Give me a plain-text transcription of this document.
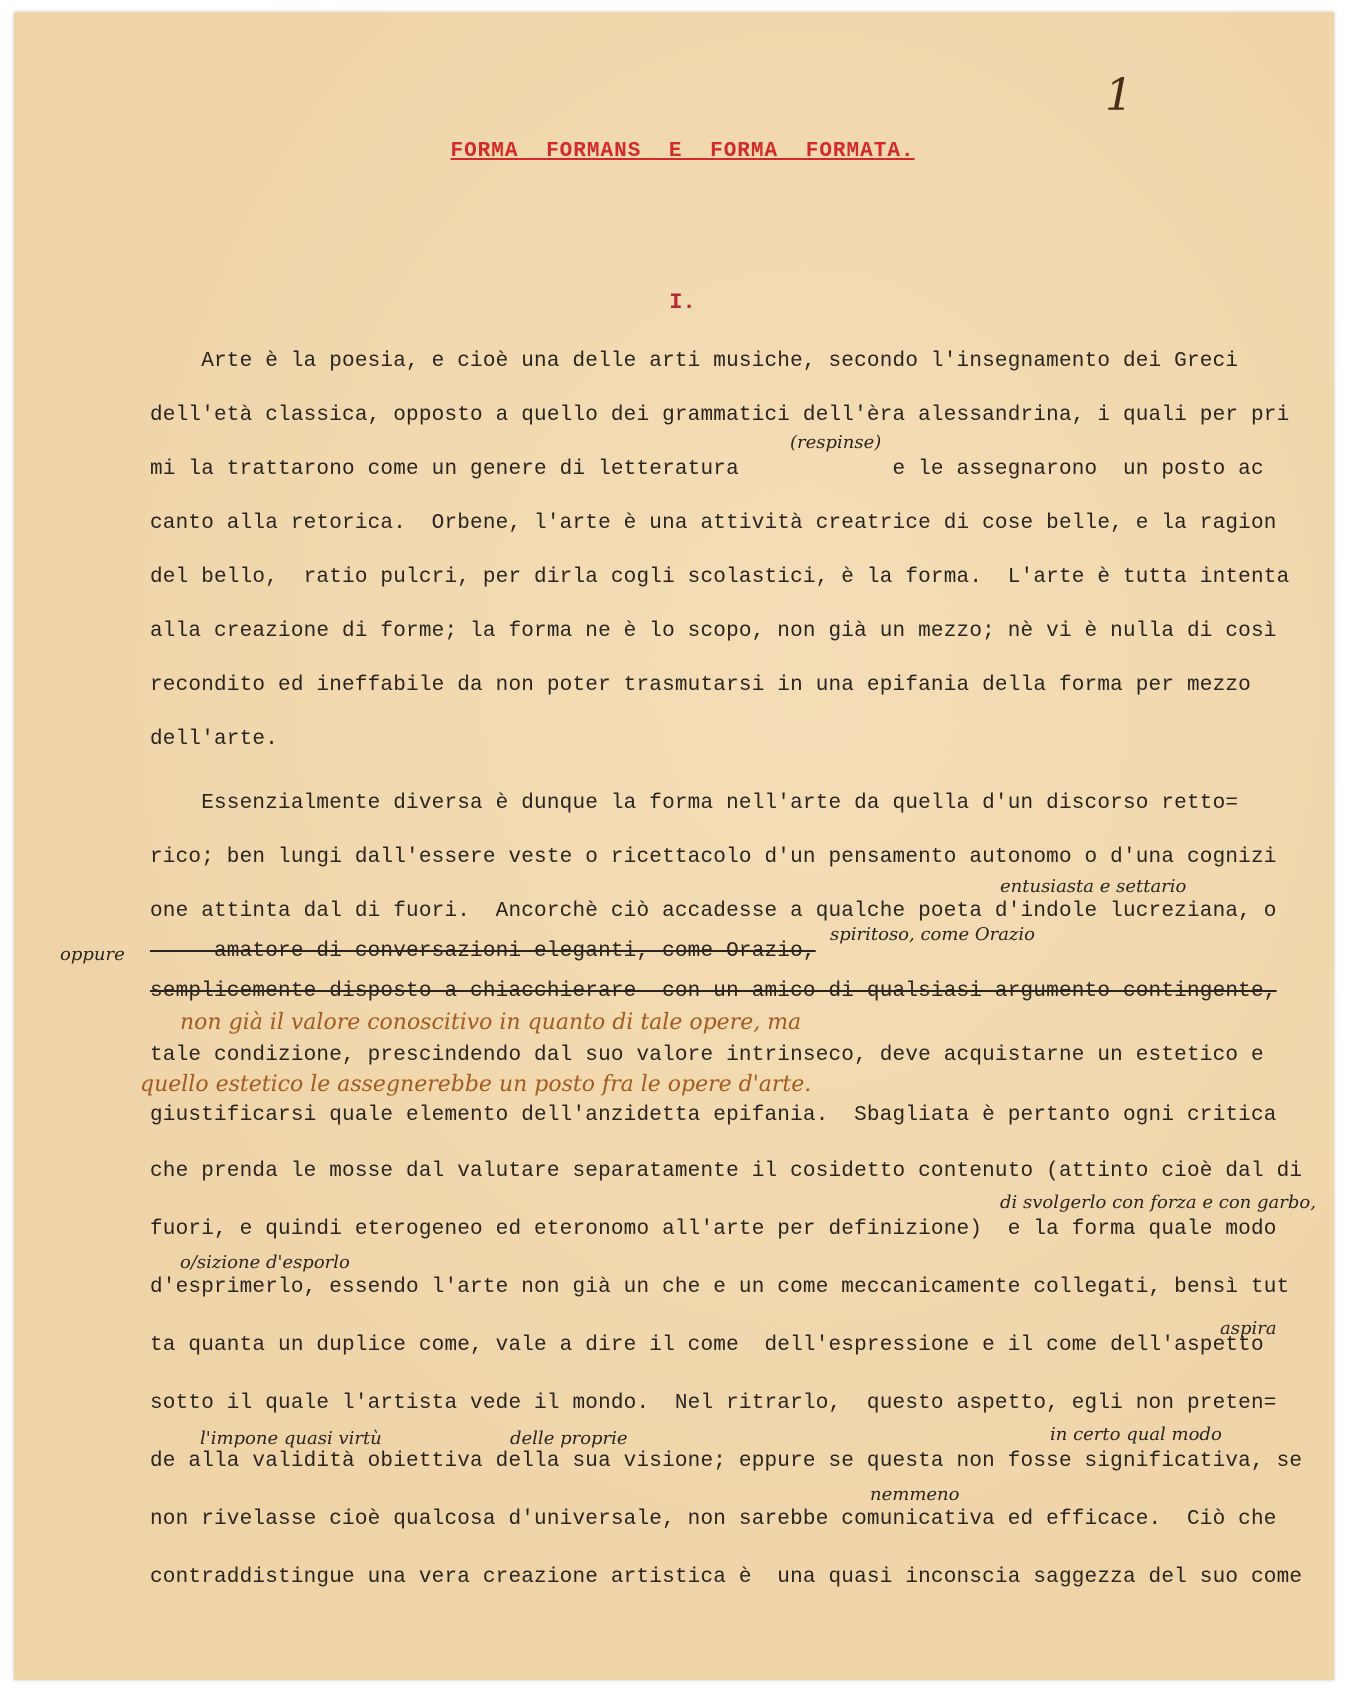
1
FORMA FORMANS E FORMA FORMATA.
I.
Arte è la poesia, e cioè una delle arti musiche, secondo l'insegnamento dei Greci
dell'età classica, opposto a quello dei grammatici dell'èra alessandrina, i quali per pri
mi la trattarono come un genere di letteratura            e le assegnarono  un posto ac
canto alla retorica.  Orbene, l'arte è una attività creatrice di cose belle, e la ragion
del bello,  ratio pulcri, per dirla cogli scolastici, è la forma.  L'arte è tutta intenta
alla creazione di forme; la forma ne è lo scopo, non già un mezzo; nè vi è nulla di così
recondito ed ineffabile da non poter trasmutarsi in una epifania della forma per mezzo
dell'arte.
Essenzialmente diversa è dunque la forma nell'arte da quella d'un discorso retto=
rico; ben lungi dall'essere veste o ricettacolo d'un pensamento autonomo o d'una cognizi
one attinta dal di fuori.  Ancorchè ciò accadesse a qualche poeta d'indole lucreziana, o
amatore di conversazioni eleganti, come Orazio,
semplicemente disposto a chiacchierare  con un amico di qualsiasi argumento contingente,
tale condizione, prescindendo dal suo valore intrinseco, deve acquistarne un estetico e
giustificarsi quale elemento dell'anzidetta epifania.  Sbagliata è pertanto ogni critica
che prenda le mosse dal valutare separatamente il cosidetto contenuto (attinto cioè dal di
fuori, e quindi eterogeneo ed eteronomo all'arte per definizione)  e la forma quale modo
d'esprimerlo, essendo l'arte non già un che e un come meccanicamente collegati, bensì tut
ta quanta un duplice come, vale a dire il come  dell'espressione e il come dell'aspetto
sotto il quale l'artista vede il mondo.  Nel ritrarlo,  questo aspetto, egli non preten=
de alla validità obiettiva della sua visione; eppure se questa non fosse significativa, se
non rivelasse cioè qualcosa d'universale, non sarebbe comunicativa ed efficace.  Ciò che
contraddistingue una vera creazione artistica è  una quasi inconscia saggezza del suo come
(respinse)
entusiasta e settario
oppure
spiritoso, come Orazio
non già il valore conoscitivo in quanto di tale opere, ma
quello estetico le assegnerebbe un posto fra le opere d'arte.
di svolgerlo con forza e con garbo,
o/sizione d'esporlo
aspira
l'impone quasi virtù	delle proprie	in certo qual modo
nemmeno
